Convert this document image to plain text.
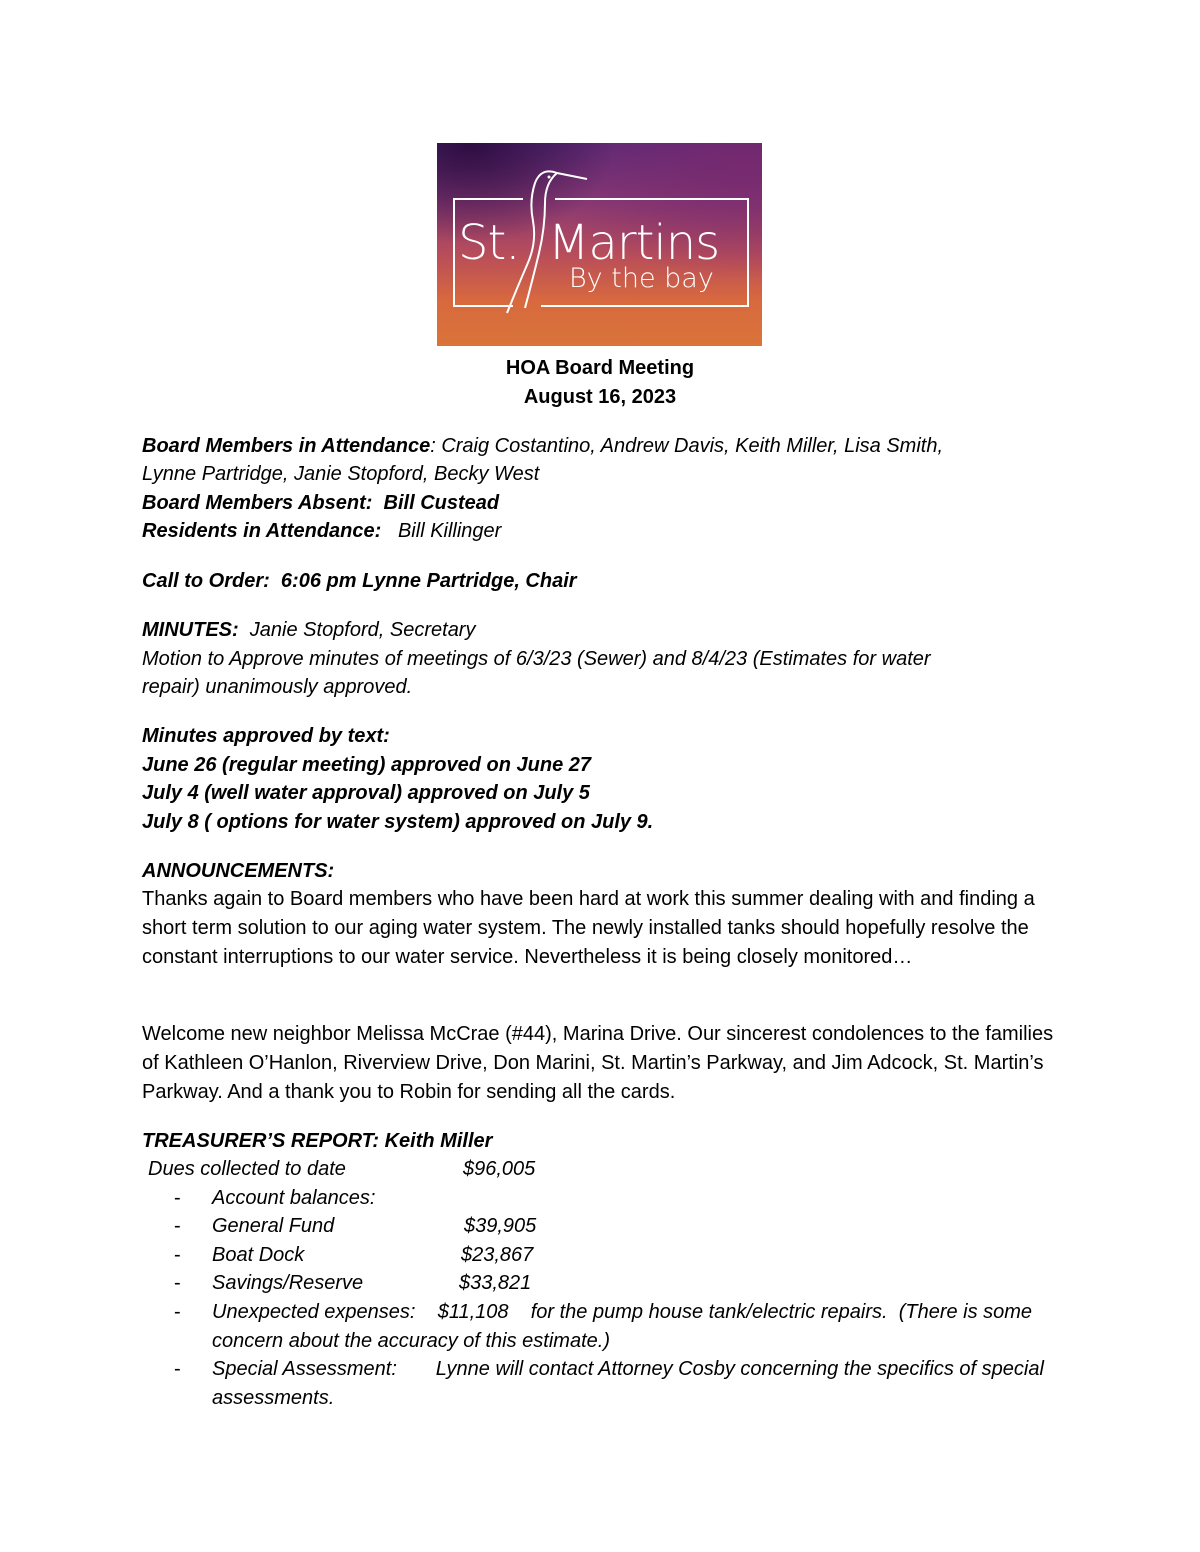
St. Martins
By the bay
HOA Board Meeting
August 16, 2023
Board Members in Attendance: Craig Costantino, Andrew Davis, Keith Miller, Lisa Smith,
Lynne Partridge, Janie Stopford, Becky West
Board Members Absent: Bill Custead
Residents in Attendance: Bill Killinger
Call to Order: 6:06 pm Lynne Partridge, Chair
MINUTES: Janie Stopford, Secretary
Motion to Approve minutes of meetings of 6/3/23 (Sewer) and 8/4/23 (Estimates for water
repair) unanimously approved.
Minutes approved by text:
June 26 (regular meeting) approved on June 27
July 4 (well water approval) approved on July 5
July 8 ( options for water system) approved on July 9.
ANNOUNCEMENTS:
Thanks again to Board members who have been hard at work this summer dealing with and finding a short term solution to our aging water system. The newly installed tanks should hopefully resolve the constant interruptions to our water service. Nevertheless it is being closely monitored…
Welcome new neighbor Melissa McCrae (#44), Marina Drive. Our sincerest condolences to the families of Kathleen O’Hanlon, Riverview Drive, Don Marini, St. Martin’s Parkway, and Jim Adcock, St. Martin’s Parkway. And a thank you to Robin for sending all the cards.
TREASURER’S REPORT: Keith Miller
Dues collected to date	$96,005
- Account balances:
- General Fund	$39,905
- Boat Dock	$23,867
- Savings/Reserve	$33,821
- Unexpected expenses:    $11,108    for the pump house tank/electric repairs.  (There is some concern about the accuracy of this estimate.)
- Special Assessment:       Lynne will contact Attorney Cosby concerning the specifics of special assessments.
